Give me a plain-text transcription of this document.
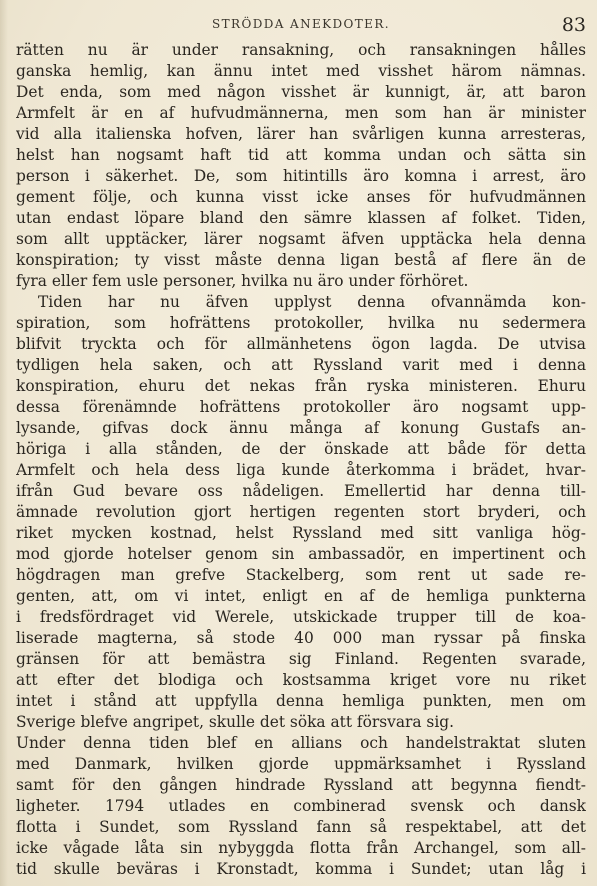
STRÖDDA ANEKDOTER.	83
rätten nu är under ransakning, och ransakningen hålles
ganska hemlig, kan ännu intet med visshet härom nämnas.
Det enda, som med någon visshet är kunnigt, är, att baron
Armfelt är en af hufvudmännerna, men som han är minister
vid alla italienska hofven, lärer han svårligen kunna arresteras,
helst han nogsamt haft tid att komma undan och sätta sin
person i säkerhet. De, som hitintills äro komna i arrest, äro
gement följe, och kunna visst icke anses för hufvudmännen
utan endast löpare bland den sämre klassen af folket. Tiden,
som allt upptäcker, lärer nogsamt äfven upptäcka hela denna
konspiration; ty visst måste denna ligan bestå af flere än de
fyra eller fem usle personer, hvilka nu äro under förhöret.
Tiden har nu äfven upplyst denna ofvannämda kon-
spiration, som hofrättens protokoller, hvilka nu sedermera
blifvit tryckta och för allmänhetens ögon lagda. De utvisa
tydligen hela saken, och att Ryssland varit med i denna
konspiration, ehuru det nekas från ryska ministeren. Ehuru
dessa förenämnde hofrättens protokoller äro nogsamt upp-
lysande, gifvas dock ännu många af konung Gustafs an-
höriga i alla stånden, de der önskade att både för detta
Armfelt och hela dess liga kunde återkomma i brädet, hvar-
ifrån Gud bevare oss nådeligen. Emellertid har denna till-
ämnade revolution gjort hertigen regenten stort bryderi, och
riket mycken kostnad, helst Ryssland med sitt vanliga hög-
mod gjorde hotelser genom sin ambassadör, en impertinent och
högdragen man grefve Stackelberg, som rent ut sade re-
genten, att, om vi intet, enligt en af de hemliga punkterna
i fredsfördraget vid Werele, utskickade trupper till de koa-
liserade magterna, så stode 40 000 man ryssar på finska
gränsen för att bemästra sig Finland. Regenten svarade,
att efter det blodiga och kostsamma kriget vore nu riket
intet i stånd att uppfylla denna hemliga punkten, men om
Sverige blefve angripet, skulle det söka att försvara sig.
Under denna tiden blef en allians och handelstraktat sluten
med Danmark, hvilken gjorde uppmärksamhet i Ryssland
samt för den gången hindrade Ryssland att begynna fiendt-
ligheter. 1794 utlades en combinerad svensk och dansk
flotta i Sundet, som Ryssland fann så respektabel, att det
icke vågade låta sin nybyggda flotta från Archangel, som all-
tid skulle beväras i Kronstadt, komma i Sundet; utan låg i
